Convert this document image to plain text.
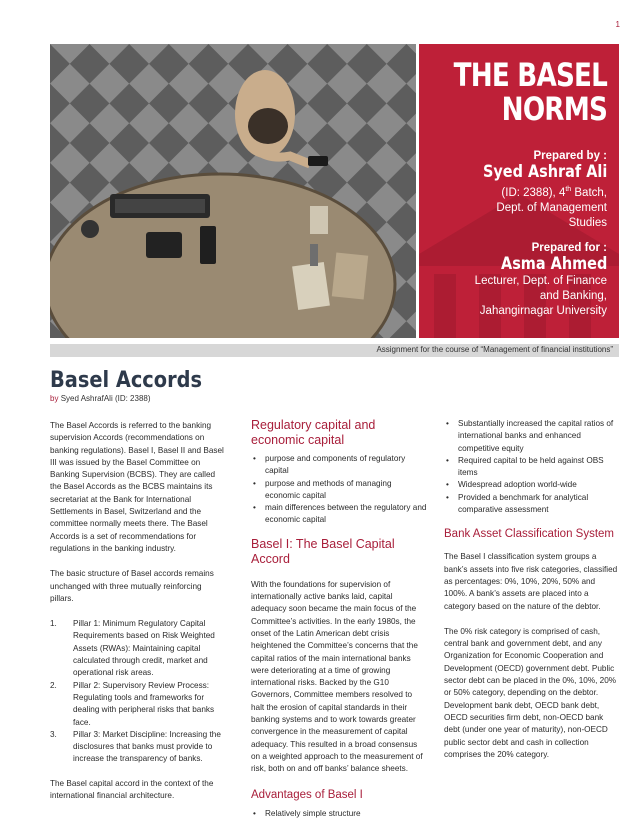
1
THE BASEL
NORMS
Prepared by :
Syed Ashraf Ali
(ID: 2388), 4th Batch,
Dept. of Management
Studies
Prepared for :
Asma Ahmed
Lecturer, Dept. of Finance
and Banking,
Jahangirnagar University
Assignment for the course of “Management of financial institutions”
Basel Accords
by Syed AshrafAli (ID: 2388)

The Basel Accords is referred to the banking supervision Accords (recommendations on banking regulations). Basel I, Basel II and Basel III was issued by the Basel Committee on Banking Supervision (BCBS). They are called the Basel Accords as the BCBS maintains its secretariat at the Bank for International Settlements in Basel, Switzerland and the committee normally meets there. The Basel Accords is a set of recommendations for regulations in the banking industry.

The basic structure of Basel accords remains unchanged with three mutually reinforcing pillars.

1. Pillar 1: Minimum Regulatory Capital Requirements based on Risk Weighted Assets (RWAs): Maintaining capital calculated through credit, market and operational risk areas.
2. Pillar 2: Supervisory Review Process: Regulating tools and frameworks for dealing with peripheral risks that banks face.
3. Pillar 3: Market Discipline: Increasing the disclosures that banks must provide to increase the transparency of banks.

The Basel capital accord in the context of the international financial architecture.

Regulatory capital and economic capital
• purpose and components of regulatory capital
• purpose and methods of managing economic capital
• main differences between the regulatory and economic capital
Basel I: The Basel Capital Accord

With the foundations for supervision of internationally active banks laid, capital adequacy soon became the main focus of the Committee’s activities. In the early 1980s, the onset of the Latin American debt crisis heightened the Committee’s concerns that the capital ratios of the main international banks were deteriorating at a time of growing international risks. Backed by the G10 Governors, Committee members resolved to halt the erosion of capital standards in their banking systems and to work towards greater convergence in the measurement of capital adequacy. This resulted in a broad consensus on a weighted approach to the measurement of risk, both on and off banks’ balance sheets.

Advantages of Basel I
• Relatively simple structure
• Substantially increased the capital ratios of international banks and enhanced competitive equity
• Required capital to be held against OBS items
• Widespread adoption world-wide
• Provided a benchmark for analytical comparative assessment
Bank Asset Classification System

The Basel I classification system groups a bank’s assets into five risk categories, classified as percentages: 0%, 10%, 20%, 50% and 100%. A bank’s assets are placed into a category based on the nature of the debtor.

The 0% risk category is comprised of cash, central bank and government debt, and any Organization for Economic Cooperation and Development (OECD) government debt. Public sector debt can be placed in the 0%, 10%, 20% or 50% category, depending on the debtor. Development bank debt, OECD bank debt, OECD securities firm debt, non-OECD bank debt (under one year of maturity), non-OECD public sector debt and cash in collection comprises the 20% category.
